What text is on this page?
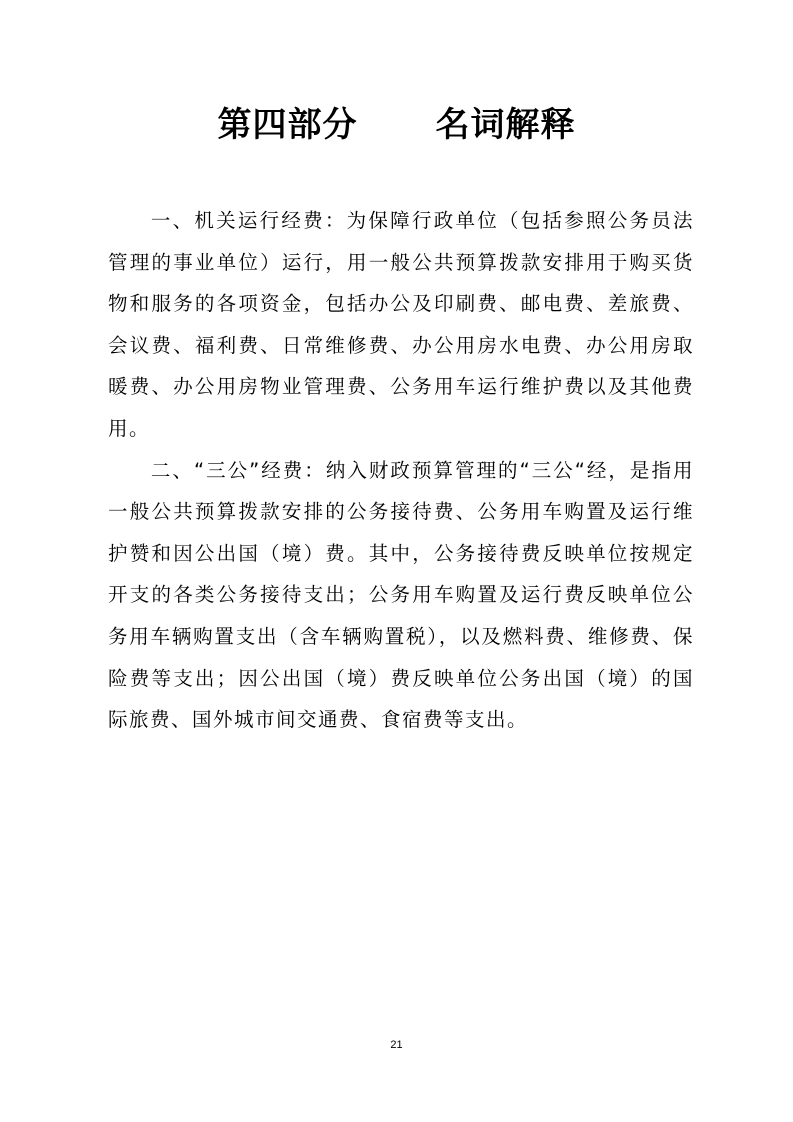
第四部分 名词解释

一、机关运行经费：为保障行政单位（包括参照公务员法管理的事业单位）运行，用一般公共预算拨款安排用于购买货物和服务的各项资金，包括办公及印刷费、邮电费、差旅费、会议费、福利费、日常维修费、办公用房水电费、办公用房取暖费、办公用房物业管理费、公务用车运行维护费以及其他费用。

二、“三公”经费：纳入财政预算管理的“三公“经，是指用一般公共预算拨款安排的公务接待费、公务用车购置及运行维护赞和因公出国（境）费。其中，公务接待费反映单位按规定开支的各类公务接待支出；公务用车购置及运行费反映单位公务用车辆购置支出（含车辆购置税），以及燃料费、维修费、保险费等支出；因公出国（境）费反映单位公务出国（境）的国际旅费、国外城市间交通费、食宿费等支出。

21
